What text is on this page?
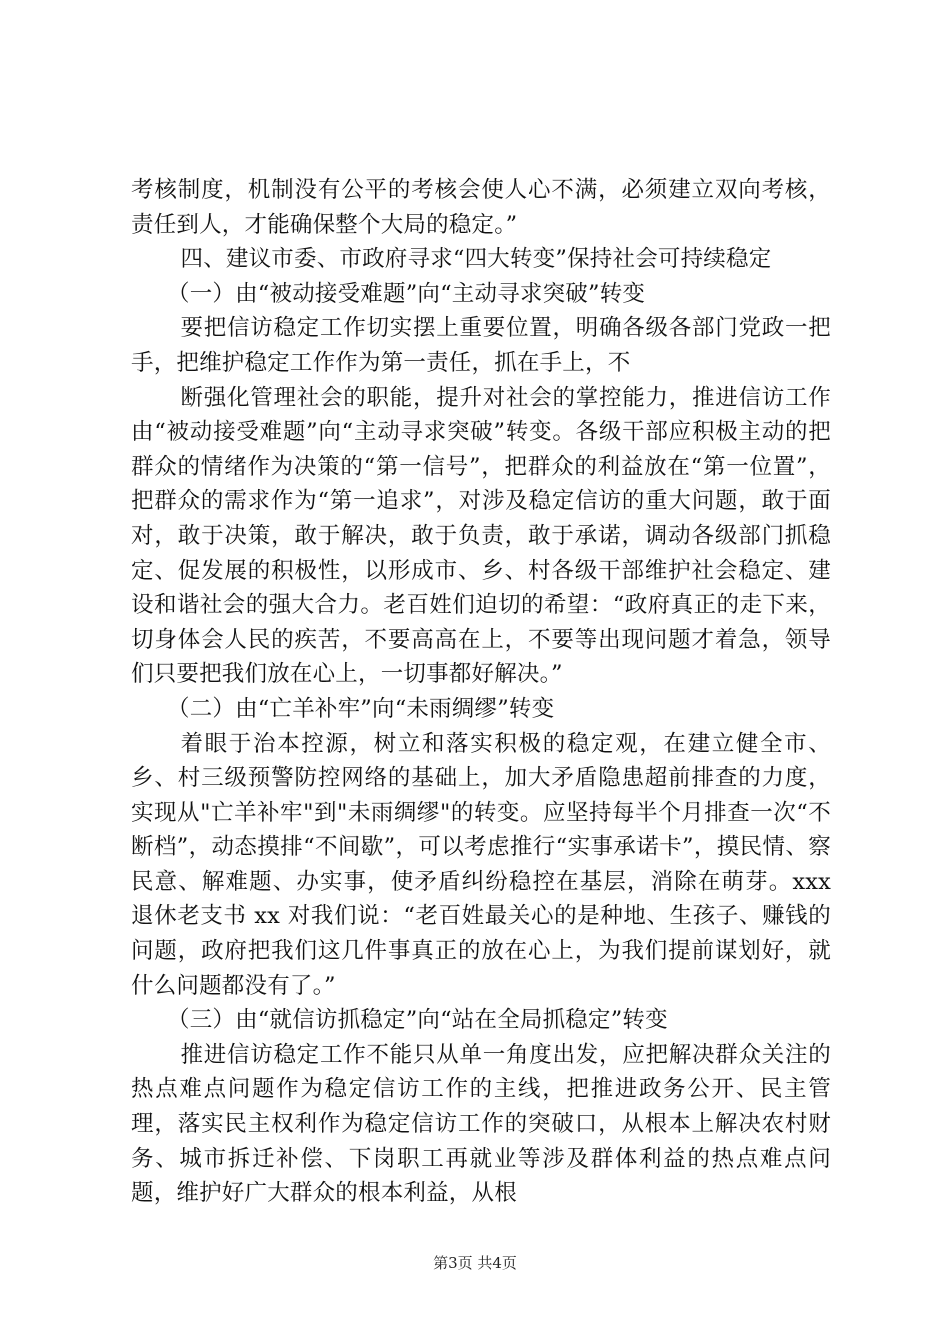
考核制度，机制没有公平的考核会使人心不满，必须建立双向考核，责任到人，才能确保整个大局的稳定。”

四、建议市委、市政府寻求“四大转变”保持社会可持续稳定

（一）由“被动接受难题”向“主动寻求突破”转变

要把信访稳定工作切实摆上重要位置，明确各级各部门党政一把手，把维护稳定工作作为第一责任，抓在手上，不

断强化管理社会的职能，提升对社会的掌控能力，推进信访工作由“被动接受难题”向“主动寻求突破”转变。各级干部应积极主动的把群众的情绪作为决策的“第一信号”，把群众的利益放在“第一位置”，把群众的需求作为“第一追求”，对涉及稳定信访的重大问题，敢于面对，敢于决策，敢于解决，敢于负责，敢于承诺，调动各级部门抓稳定、促发展的积极性，以形成市、乡、村各级干部维护社会稳定、建设和谐社会的强大合力。老百姓们迫切的希望：“政府真正的走下来，切身体会人民的疾苦，不要高高在上，不要等出现问题才着急，领导们只要把我们放在心上，一切事都好解决。”

（二）由“亡羊补牢”向“未雨绸缪”转变

着眼于治本控源，树立和落实积极的稳定观，在建立健全市、乡、村三级预警防控网络的基础上，加大矛盾隐患超前排查的力度，实现从"亡羊补牢"到"未雨绸缪"的转变。应坚持每半个月排查一次“不断档”，动态摸排“不间歇”，可以考虑推行“实事承诺卡”，摸民情、察民意、解难题、办实事，使矛盾纠纷稳控在基层，消除在萌芽。xxx 退休老支书 xx 对我们说：“老百姓最关心的是种地、生孩子、赚钱的问题，政府把我们这几件事真正的放在心上，为我们提前谋划好，就什么问题都没有了。”

（三）由“就信访抓稳定”向“站在全局抓稳定”转变

推进信访稳定工作不能只从单一角度出发，应把解决群众关注的热点难点问题作为稳定信访工作的主线，把推进政务公开、民主管理，落实民主权利作为稳定信访工作的突破口，从根本上解决农村财务、城市拆迁补偿、下岗职工再就业等涉及群体利益的热点难点问题，维护好广大群众的根本利益，从根

第3页 共4页
